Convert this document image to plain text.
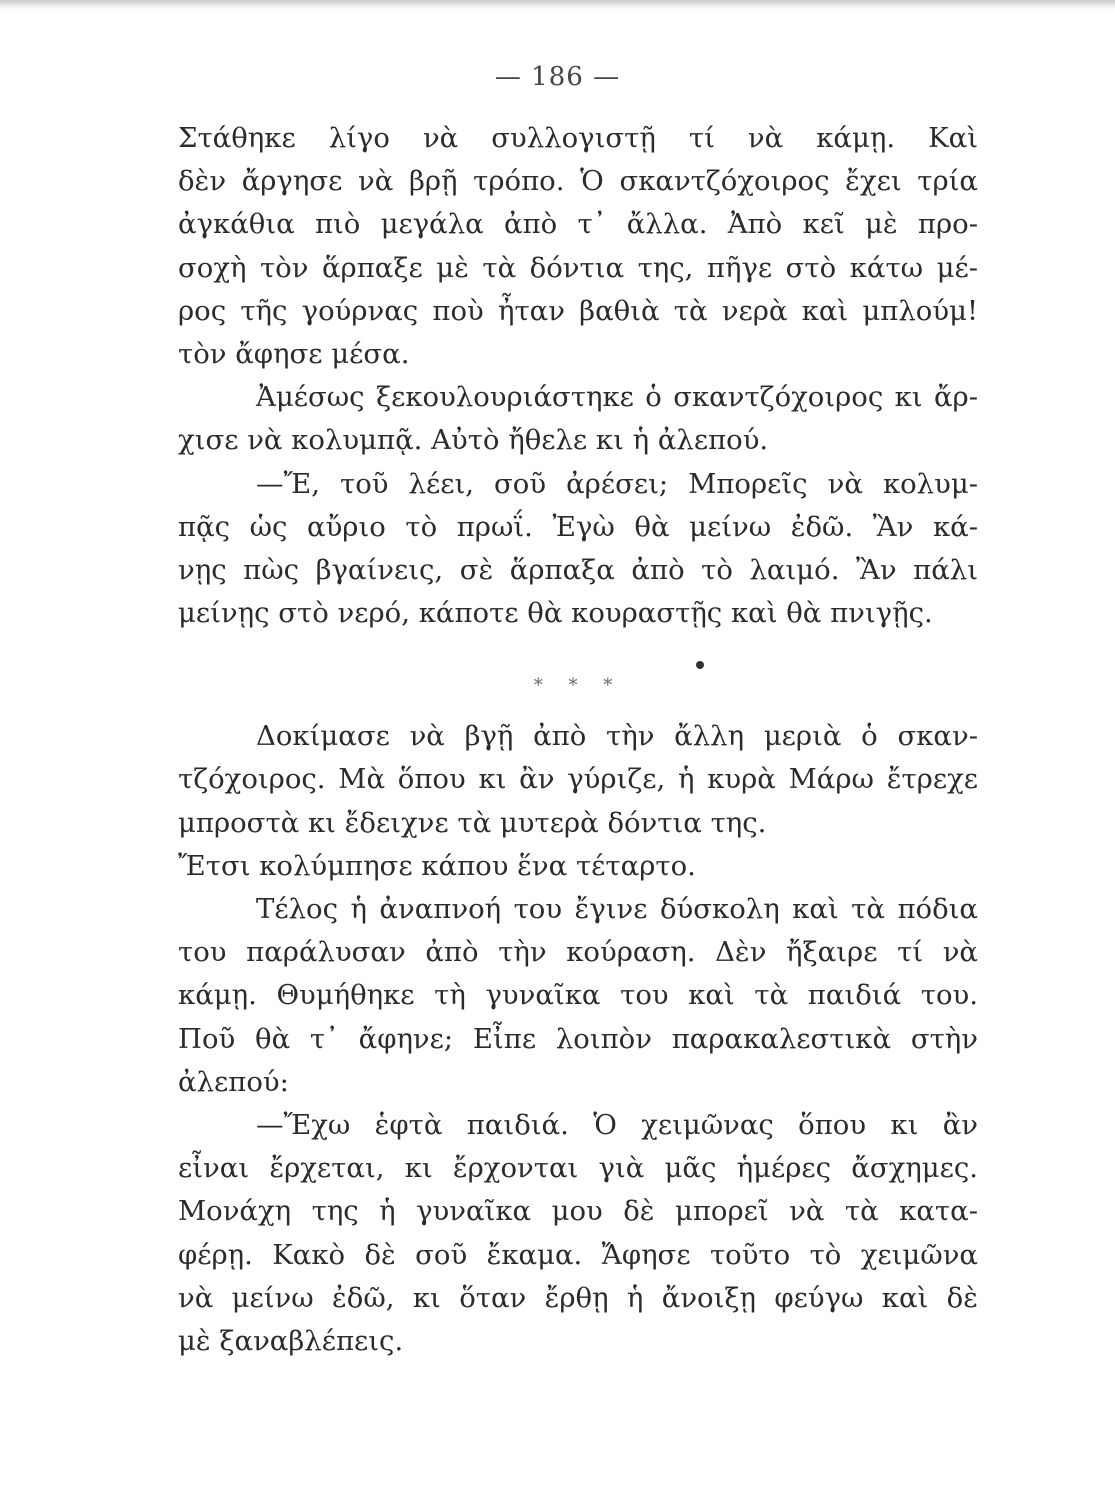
— 186 —
Στάθηκε λίγο νὰ συλλογιστῇ τί νὰ κάμῃ. Καὶ
δὲν ἄργησε νὰ βρῇ τρόπο. Ὁ σκαντζόχοιρος ἔχει τρία
ἀγκάθια πιὸ μεγάλα ἀπὸ τ᾽ ἄλλα. Ἀπὸ κεῖ μὲ προ-
σοχὴ τὸν ἅρπαξε μὲ τὰ δόντια της, πῆγε στὸ κάτω μέ-
ρος τῆς γούρνας ποὺ ἦταν βαθιὰ τὰ νερὰ καὶ μπλούμ!
τὸν ἄφησε μέσα.
Ἀμέσως ξεκουλουριάστηκε ὁ σκαντζόχοιρος κι ἄρ-
χισε νὰ κολυμπᾷ. Αὐτὸ ἤθελε κι ἡ ἀλεπού.
—Ἔ, τοῦ λέει, σοῦ ἀρέσει; Μπορεῖς νὰ κολυμ-
πᾷς ὡς αὔριο τὸ πρωΐ. Ἐγὼ θὰ μείνω ἐδῶ. Ἂν κά-
νῃς πὼς βγαίνεις, σὲ ἅρπαξα ἀπὸ τὸ λαιμό. Ἂν πάλι
μείνῃς στὸ νερό, κάποτε θὰ κουραστῇς καὶ θὰ πνιγῇς.
* * *
Δοκίμασε νὰ βγῇ ἀπὸ τὴν ἄλλη μεριὰ ὁ σκαν-
τζόχοιρος. Μὰ ὅπου κι ἂν γύριζε, ἡ κυρὰ Μάρω ἔτρεχε
μπροστὰ κι ἔδειχνε τὰ μυτερὰ δόντια της.
Ἔτσι κολύμπησε κάπου ἕνα τέταρτο.
Τέλος ἡ ἀναπνοή του ἔγινε δύσκολη καὶ τὰ πόδια
του παράλυσαν ἀπὸ τὴν κούραση. Δὲν ἤξαιρε τί νὰ
κάμῃ. Θυμήθηκε τὴ γυναῖκα του καὶ τὰ παιδιά του.
Ποῦ θὰ τ᾽ ἄφηνε; Εἶπε λοιπὸν παρακαλεστικὰ στὴν
ἀλεπού:
—Ἔχω ἑφτὰ παιδιά. Ὁ χειμῶνας ὅπου κι ἂν
εἶναι ἔρχεται, κι ἔρχονται γιὰ μᾶς ἡμέρες ἄσχημες.
Μονάχη της ἡ γυναῖκα μου δὲ μπορεῖ νὰ τὰ κατα-
φέρῃ. Κακὸ δὲ σοῦ ἔκαμα. Ἄφησε τοῦτο τὸ χειμῶνα
νὰ μείνω ἐδῶ, κι ὅταν ἔρθῃ ἡ ἄνοιξῃ φεύγω καὶ δὲ
μὲ ξαναβλέπεις.
